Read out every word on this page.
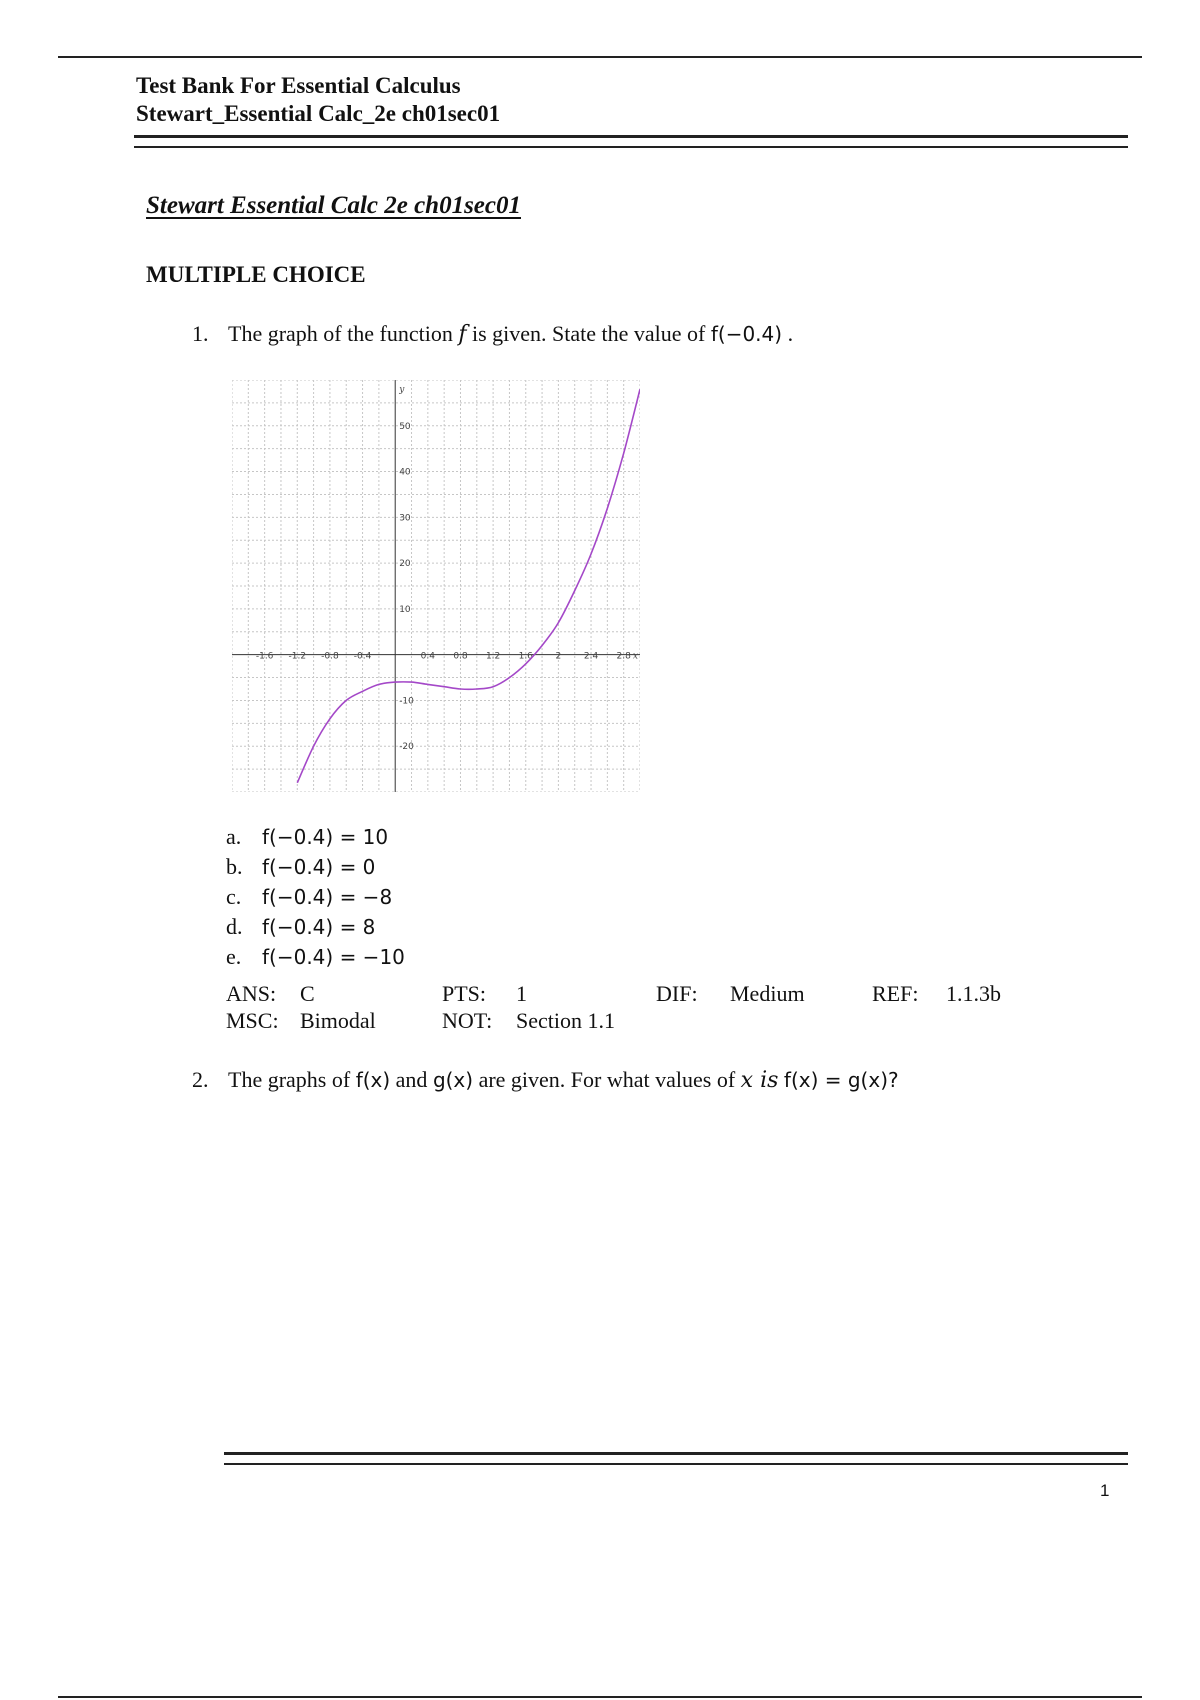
Test Bank For Essential Calculus
Stewart_Essential Calc_2e ch01sec01
Stewart Essential Calc 2e ch01sec01
MULTIPLE CHOICE
1. The graph of the function f is given. State the value of f(−0.4) .
-1.6 -1.2 -0.8 -0.4	0.4 0.8 1.2 1.6	2	2.4 2.8
50
40
30
20
10
-10
-20
x
y
a. f(−0.4) = 10
b. f(−0.4) = 0
c. f(−0.4) = −8
d. f(−0.4) = 8
e. f(−0.4) = −10
ANS: C	PTS: 1	DIF: Medium	REF: 1.1.3b
MSC: Bimodal	NOT: Section 1.1
2. The graphs of f(x) and g(x) are given. For what values of x is f(x) = g(x)?
1
